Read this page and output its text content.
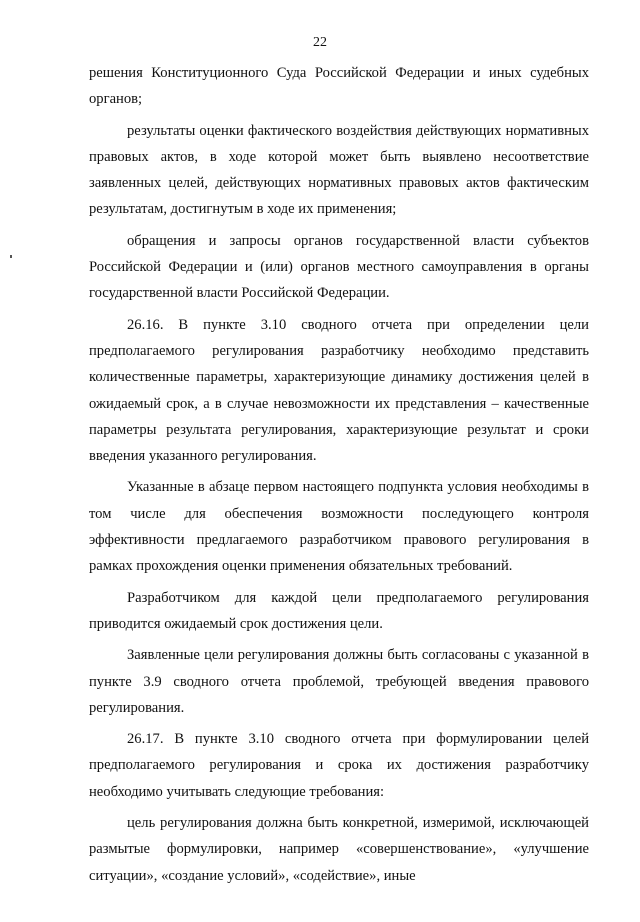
22

решения Конституционного Суда Российской Федерации и иных судебных органов;

результаты оценки фактического воздействия действующих нормативных правовых актов, в ходе которой может быть выявлено несоответствие заявленных целей, действующих нормативных правовых актов фактическим результатам, достигнутым в ходе их применения;

обращения и запросы органов государственной власти субъектов Российской Федерации и (или) органов местного самоуправления в органы государственной власти Российской Федерации.

26.16. В пункте 3.10 сводного отчета при определении цели предполагаемого регулирования разработчику необходимо представить количественные параметры, характеризующие динамику достижения целей в ожидаемый срок, а в случае невозможности их представления – качественные параметры результата регулирования, характеризующие результат и сроки введения указанного регулирования.

Указанные в абзаце первом настоящего подпункта условия необходимы в том числе для обеспечения возможности последующего контроля эффективности предлагаемого разработчиком правового регулирования в рамках прохождения оценки применения обязательных требований.

Разработчиком для каждой цели предполагаемого регулирования приводится ожидаемый срок достижения цели.

Заявленные цели регулирования должны быть согласованы с указанной в пункте 3.9 сводного отчета проблемой, требующей введения правового регулирования.

26.17. В пункте 3.10 сводного отчета при формулировании целей предполагаемого регулирования и срока их достижения разработчику необходимо учитывать следующие требования:

цель регулирования должна быть конкретной, измеримой, исключающей размытые формулировки, например «совершенствование», «улучшение ситуации», «создание условий», «содействие», иные
